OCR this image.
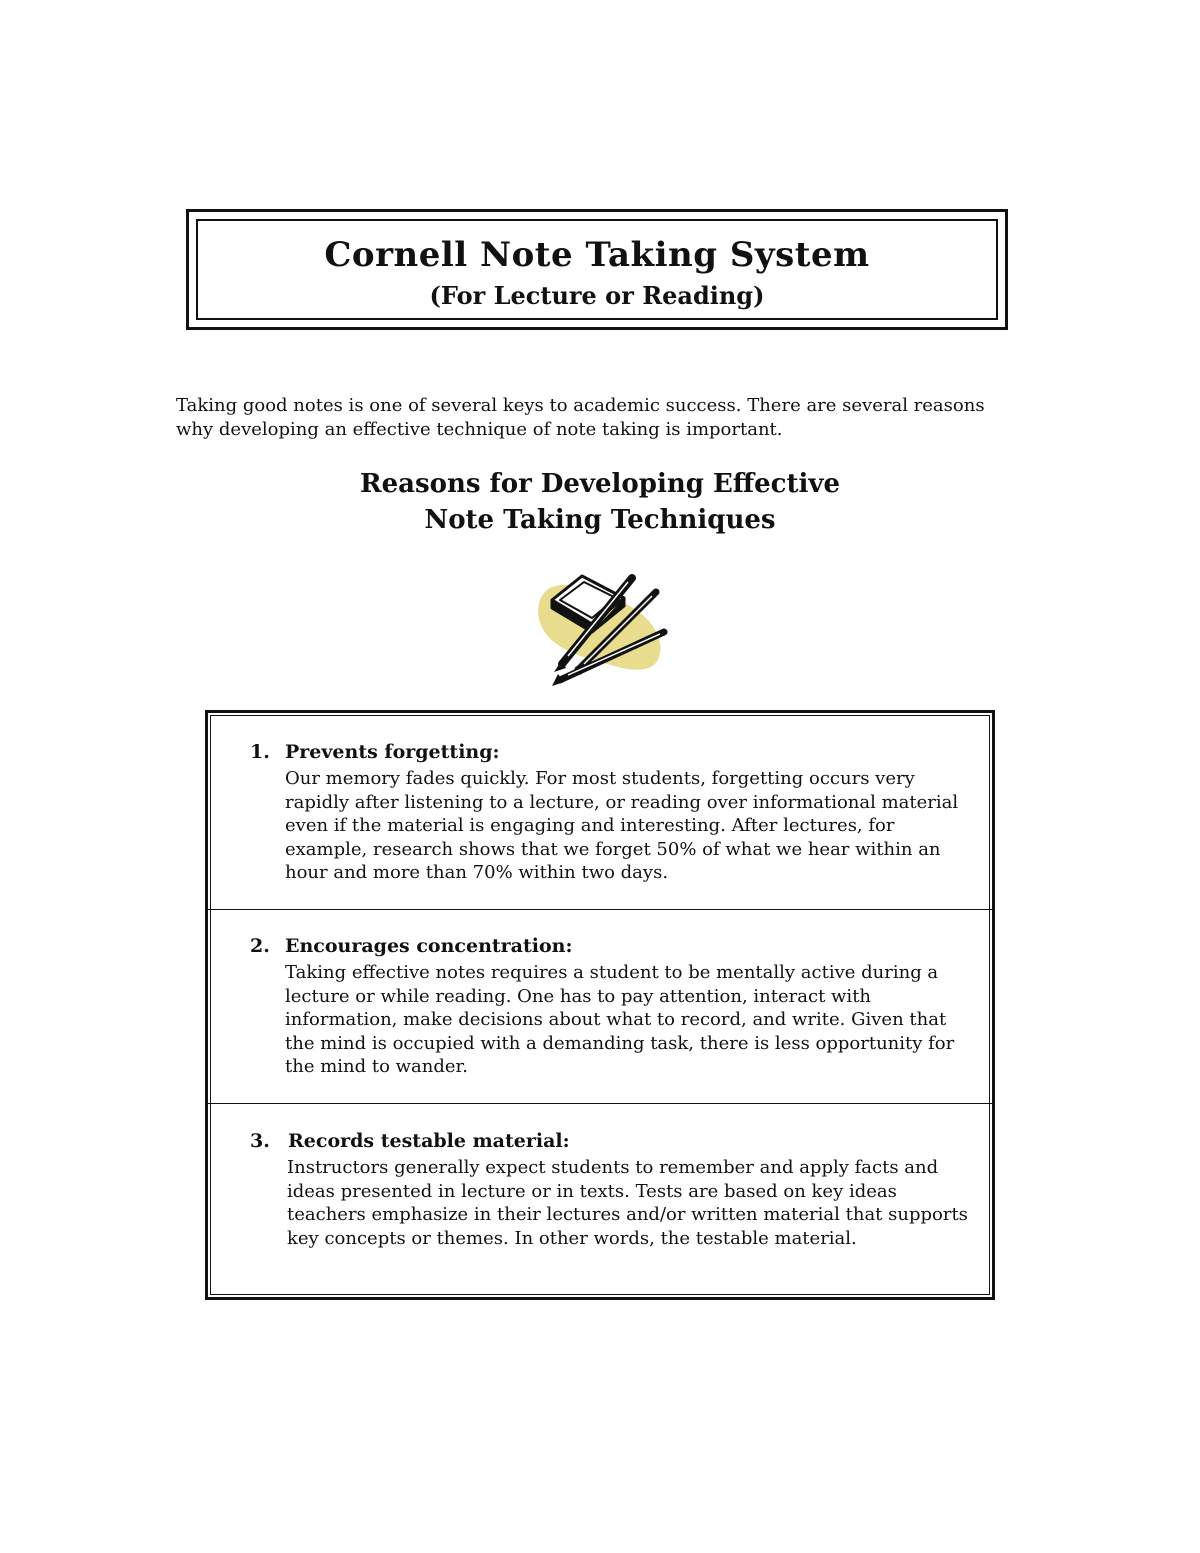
Cornell Note Taking System
(For Lecture or Reading)

Taking good notes is one of several keys to academic success. There are several reasons why developing an effective technique of note taking is important.

Reasons for Developing Effective
Note Taking Techniques
1. Prevents forgetting:

Our memory fades quickly. For most students, forgetting occurs very rapidly after listening to a lecture, or reading over informational material even if the material is engaging and interesting. After lectures, for example, research shows that we forget 50% of what we hear within an hour and more than 70% within two days.

2. Encourages concentration:

Taking effective notes requires a student to be mentally active during a lecture or while reading. One has to pay attention, interact with information, make decisions about what to record, and write. Given that the mind is occupied with a demanding task, there is less opportunity for the mind to wander.

3. Records testable material:

Instructors generally expect students to remember and apply facts and ideas presented in lecture or in texts. Tests are based on key ideas teachers emphasize in their lectures and/or written material that supports key concepts or themes. In other words, the testable material.
